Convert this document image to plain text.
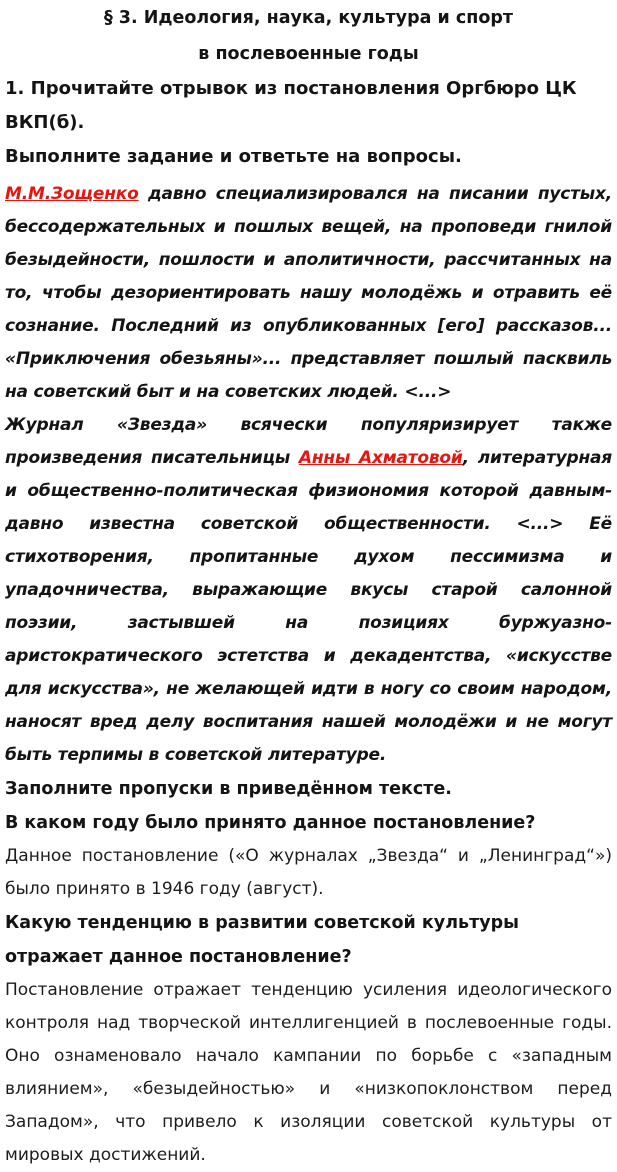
§ 3. Идеология, наука, культура и спорт

в послевоенные годы

1. Прочитайте отрывок из постановления Оргбюро ЦК ВКП(б).

Выполните задание и ответьте на вопросы.

М.М.Зощенко давно специализировался на писании пустых, бессодержательных и пошлых вещей, на проповеди гнилой безыдейности, пошлости и аполитичности, рассчитанных на то, чтобы дезориентировать нашу молодёжь и отравить её сознание. Последний из опубликованных [его] рассказов... «Приключения обезьяны»... представляет пошлый пасквиль на советский быт и на советских людей. <...>

Журнал «Звезда» всячески популяризирует также произведения писательницы Анны Ахматовой, литературная и общественно-политическая физиономия которой давным-давно известна советской общественности. <...> Её стихотворения, пропитанные духом пессимизма и упадочничества, выражающие вкусы старой салонной поэзии, застывшей на позициях буржуазно-аристократического эстетства и декадентства, «искусстве для искусства», не желающей идти в ногу со своим народом, наносят вред делу воспитания нашей молодёжи и не могут быть терпимы в советской литературе.

Заполните пропуски в приведённом тексте.

В каком году было принято данное постановление?

Данное постановление («О журналах „Звезда“ и „Ленинград“») было принято в 1946 году (август).

Какую тенденцию в развитии советской культуры отражает данное постановление?

Постановление отражает тенденцию усиления идеологического контроля над творческой интеллигенцией в послевоенные годы. Оно ознаменовало начало кампании по борьбе с «западным влиянием», «безыдейностью» и «низкопоклонством перед Западом», что привело к изоляции советской культуры от мировых достижений.
